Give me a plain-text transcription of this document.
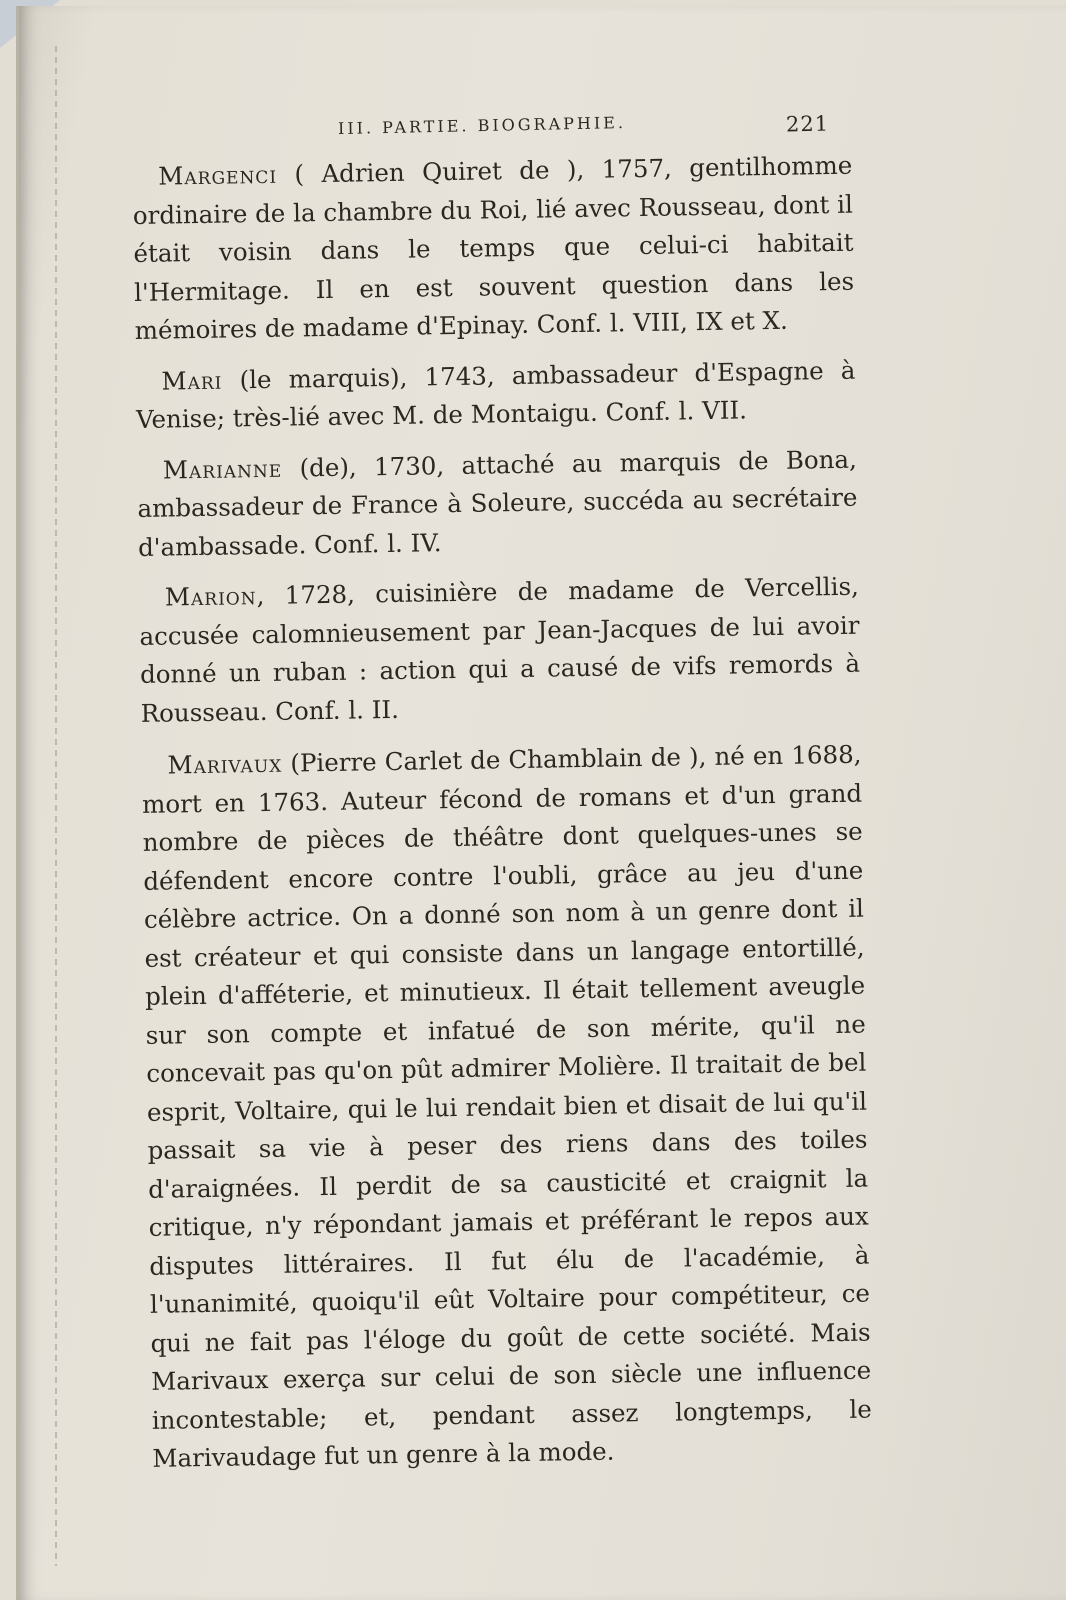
III. PARTIE. BIOGRAPHIE.	221

Margenci ( Adrien Quiret de ), 1757, gentilhomme ordinaire de la chambre du Roi, lié avec Rousseau, dont il était voisin dans le temps que celui-ci habitait l'Hermitage. Il en est souvent question dans les mémoires de madame d'Epinay. Conf. l. VIII, IX et X.

Mari (le marquis), 1743, ambassadeur d'Espagne à Venise; très-lié avec M. de Montaigu. Conf. l. VII.

Marianne (de), 1730, attaché au marquis de Bona, ambassadeur de France à Soleure, succéda au secrétaire d'ambassade. Conf. l. IV.

Marion, 1728, cuisinière de madame de Vercellis, accusée calomnieusement par Jean-Jacques de lui avoir donné un ruban : action qui a causé de vifs remords à Rousseau. Conf. l. II.

Marivaux (Pierre Carlet de Chamblain de ), né en 1688, mort en 1763. Auteur fécond de romans et d'un grand nombre de pièces de théâtre dont quelques-unes se défendent encore contre l'oubli, grâce au jeu d'une célèbre actrice. On a donné son nom à un genre dont il est créateur et qui consiste dans un langage entortillé, plein d'afféterie, et minutieux. Il était tellement aveugle sur son compte et infatué de son mérite, qu'il ne concevait pas qu'on pût admirer Molière. Il traitait de bel esprit, Voltaire, qui le lui rendait bien et disait de lui qu'il passait sa vie à peser des riens dans des toiles d'araignées. Il perdit de sa causticité et craignit la critique, n'y répondant jamais et préférant le repos aux disputes littéraires. Il fut élu de l'académie, à l'unanimité, quoiqu'il eût Voltaire pour compétiteur, ce qui ne fait pas l'éloge du goût de cette société. Mais Marivaux exerça sur celui de son siècle une influence incontestable; et, pendant assez longtemps, le Marivaudage fut un genre à la mode.
